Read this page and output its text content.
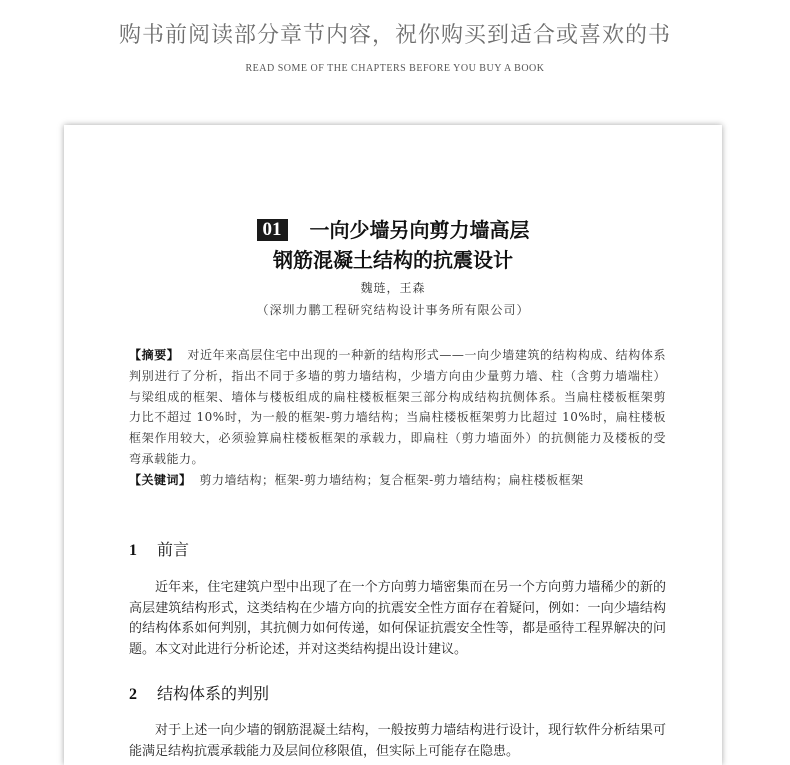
购书前阅读部分章节内容，祝你购买到适合或喜欢的书
READ SOME OF THE CHAPTERS BEFORE YOU BUY A BOOK
01 一向少墙另向剪力墙高层
钢筋混凝土结构的抗震设计
魏琏，王森
（深圳力鹏工程研究结构设计事务所有限公司）
【摘要】 对近年来高层住宅中出现的一种新的结构形式——一向少墙建筑的结构构成、结构体系判别进行了分析，指出不同于多墙的剪力墙结构，少墙方向由少量剪力墙、柱（含剪力墙端柱）与梁组成的框架、墙体与楼板组成的扁柱楼板框架三部分构成结构抗侧体系。当扁柱楼板框架剪力比不超过 10%时，为一般的框架-剪力墙结构；当扁柱楼板框架剪力比超过 10%时，扁柱楼板框架作用较大，必须验算扁柱楼板框架的承载力，即扁柱（剪力墙面外）的抗侧能力及楼板的受弯承载能力。
【关键词】 剪力墙结构；框架-剪力墙结构；复合框架-剪力墙结构；扁柱楼板框架
1 前言
近年来，住宅建筑户型中出现了在一个方向剪力墙密集而在另一个方向剪力墙稀少的新的高层建筑结构形式，这类结构在少墙方向的抗震安全性方面存在着疑问，例如：一向少墙结构的结构体系如何判别，其抗侧力如何传递，如何保证抗震安全性等，都是亟待工程界解决的问题。本文对此进行分析论述，并对这类结构提出设计建议。
2 结构体系的判别
对于上述一向少墙的钢筋混凝土结构，一般按剪力墙结构进行设计，现行软件分析结果可能满足结构抗震承载能力及层间位移限值，但实际上可能存在隐患。
